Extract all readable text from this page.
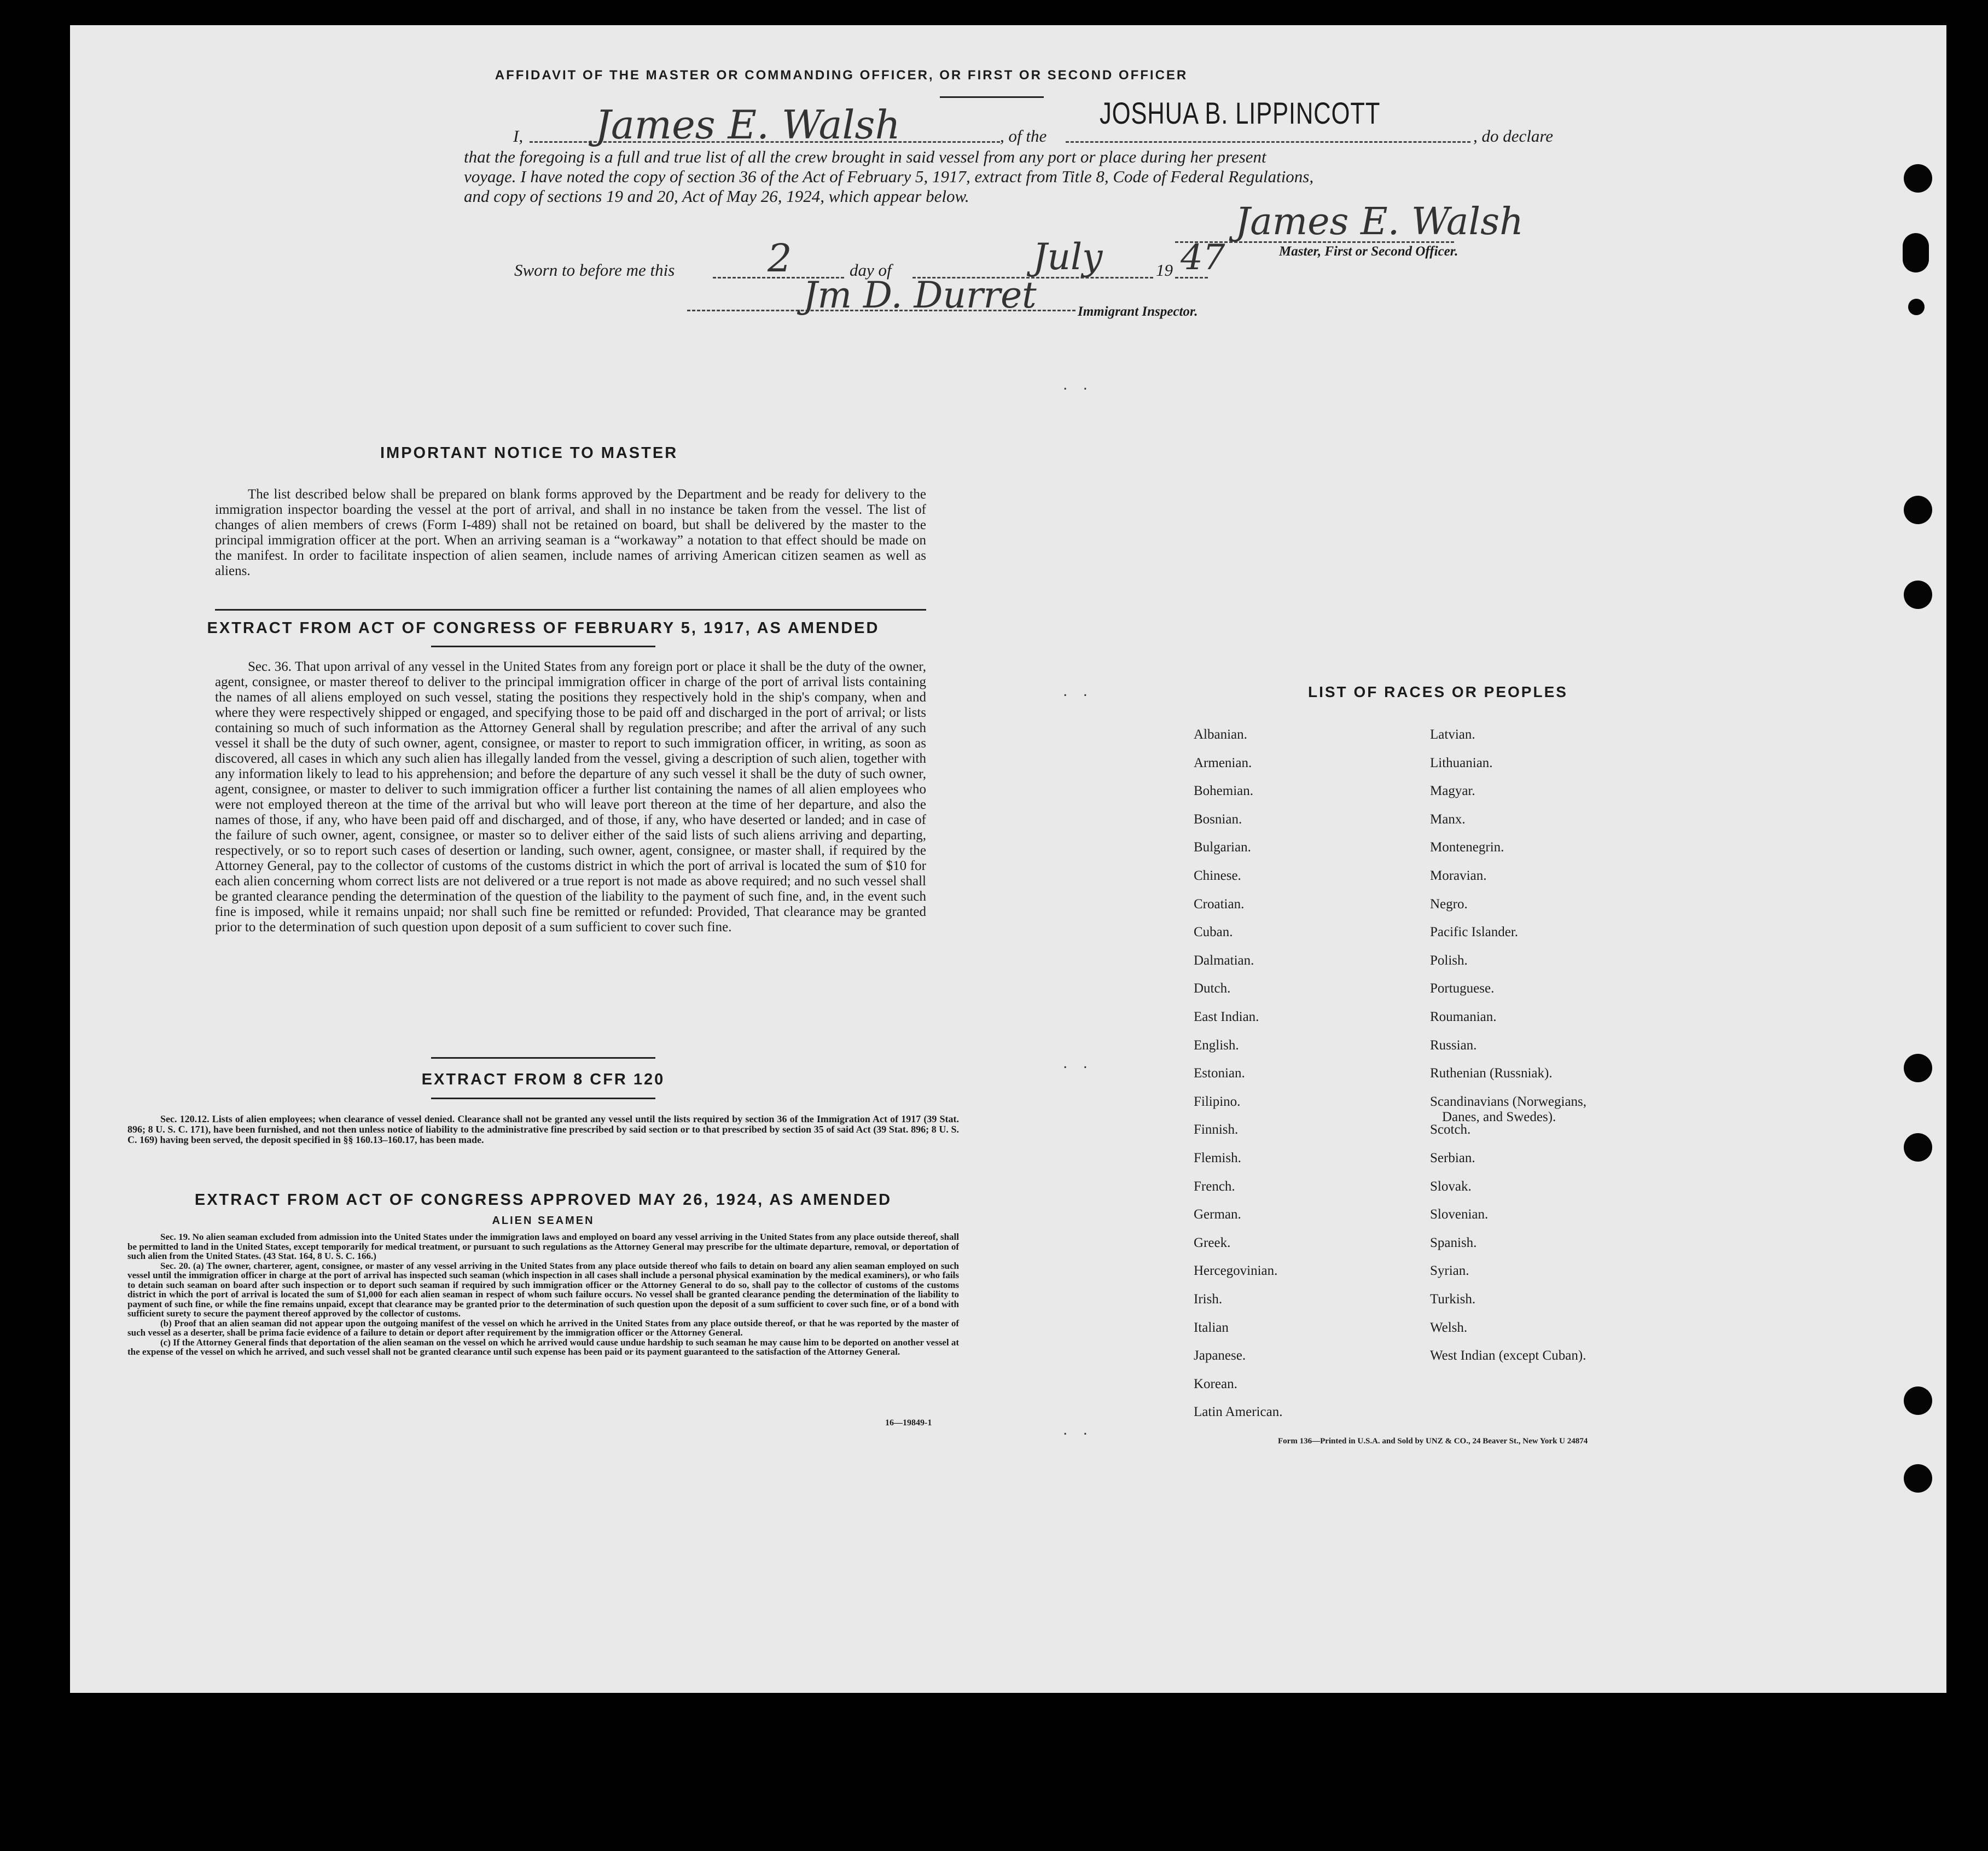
AFFIDAVIT OF THE MASTER OR COMMANDING OFFICER, OR FIRST OR SECOND OFFICER
I, James E. Walsh	, of the
JOSHUA B. LIPPINCOTT
, do declare
that the foregoing is a full and true list of all the crew brought in said vessel from any port or place during her present
voyage. I have noted the copy of section 36 of the Act of February 5, 1917, extract from Title 8, Code of Federal Regulations,
and copy of sections 19 and 20, Act of May 26, 1924, which appear below.
Sworn to before me this 2	day of	July	19 47
James E. Walsh
Master, First or Second Officer.
Jm D. Durret	Immigrant Inspector.
IMPORTANT NOTICE TO MASTER
The list described below shall be prepared on blank forms approved by the Department and be ready for delivery to the immigration inspector boarding the vessel at the port of arrival, and shall in no instance be taken from the vessel. The list of changes of alien members of crews (Form I-489) shall not be retained on board, but shall be delivered by the master to the principal immigration officer at the port. When an arriving seaman is a “workaway” a notation to that effect should be made on the manifest. In order to facilitate inspection of alien seamen, include names of arriving American citizen seamen as well as aliens.
EXTRACT FROM ACT OF CONGRESS OF FEBRUARY 5, 1917, AS AMENDED
Sec. 36. That upon arrival of any vessel in the United States from any foreign port or place it shall be the duty of the owner, agent, consignee, or master thereof to deliver to the principal immigration officer in charge of the port of arrival lists containing the names of all aliens employed on such vessel, stating the positions they respectively hold in the ship's company, when and where they were respectively shipped or engaged, and specifying those to be paid off and discharged in the port of arrival; or lists containing so much of such information as the Attorney General shall by regulation prescribe; and after the arrival of any such vessel it shall be the duty of such owner, agent, consignee, or master to report to such immigration officer, in writing, as soon as discovered, all cases in which any such alien has illegally landed from the vessel, giving a description of such alien, together with any information likely to lead to his apprehension; and before the departure of any such vessel it shall be the duty of such owner, agent, consignee, or master to deliver to such immigration officer a further list containing the names of all alien employees who were not employed thereon at the time of the arrival but who will leave port thereon at the time of her departure, and also the names of those, if any, who have been paid off and discharged, and of those, if any, who have deserted or landed; and in case of the failure of such owner, agent, consignee, or master so to deliver either of the said lists of such aliens arriving and departing, respectively, or so to report such cases of desertion or landing, such owner, agent, consignee, or master shall, if required by the Attorney General, pay to the collector of customs of the customs district in which the port of arrival is located the sum of $10 for each alien concerning whom correct lists are not delivered or a true report is not made as above required; and no such vessel shall be granted clearance pending the determination of the question of the liability to the payment of such fine, and, in the event such fine is imposed, while it remains unpaid; nor shall such fine be remitted or refunded: Provided, That clearance may be granted prior to the determination of such question upon deposit of a sum sufficient to cover such fine.
EXTRACT FROM 8 CFR 120
Sec. 120.12. Lists of alien employees; when clearance of vessel denied. Clearance shall not be granted any vessel until the lists required by section 36 of the Immigration Act of 1917 (39 Stat. 896; 8 U. S. C. 171), have been furnished, and not then unless notice of liability to the administrative fine prescribed by said section or to that prescribed by section 35 of said Act (39 Stat. 896; 8 U. S. C. 169) having been served, the deposit specified in §§ 160.13–160.17, has been made.
EXTRACT FROM ACT OF CONGRESS APPROVED MAY 26, 1924, AS AMENDED
ALIEN SEAMEN
Sec. 19. No alien seaman excluded from admission into the United States under the immigration laws and employed on board any vessel arriving in the United States from any place outside thereof, shall be permitted to land in the United States, except temporarily for medical treatment, or pursuant to such regulations as the Attorney General may prescribe for the ultimate departure, removal, or deportation of such alien from the United States. (43 Stat. 164, 8 U. S. C. 166.)
Sec. 20. (a) The owner, charterer, agent, consignee, or master of any vessel arriving in the United States from any place outside thereof who fails to detain on board any alien seaman employed on such vessel until the immigration officer in charge at the port of arrival has inspected such seaman (which inspection in all cases shall include a personal physical examination by the medical examiners), or who fails to detain such seaman on board after such inspection or to deport such seaman if required by such immigration officer or the Attorney General to do so, shall pay to the collector of customs of the customs district in which the port of arrival is located the sum of $1,000 for each alien seaman in respect of whom such failure occurs. No vessel shall be granted clearance pending the determination of the liability to payment of such fine, or while the fine remains unpaid, except that clearance may be granted prior to the determination of such question upon the deposit of a sum sufficient to cover such fine, or of a bond with sufficient surety to secure the payment thereof approved by the collector of customs.
(b) Proof that an alien seaman did not appear upon the outgoing manifest of the vessel on which he arrived in the United States from any place outside thereof, or that he was reported by the master of such vessel as a deserter, shall be prima facie evidence of a failure to detain or deport after requirement by the immigration officer or the Attorney General.
(c) If the Attorney General finds that deportation of the alien seaman on the vessel on which he arrived would cause undue hardship to such seaman he may cause him to be deported on another vessel at the expense of the vessel on which he arrived, and such vessel shall not be granted clearance until such expense has been paid or its payment guaranteed to the satisfaction of the Attorney General.
16—19849-1
LIST OF RACES OR PEOPLES
Albanian.
Armenian.
Bohemian.
Bosnian.
Bulgarian.
Chinese.
Croatian.
Cuban.
Dalmatian.
Dutch.
East Indian.
English.
Estonian.
Filipino.
Finnish.
Flemish.
French.
German.
Greek.
Hercegovinian.
Irish.
Italian
Japanese.
Korean.
Latin American.
Latvian.
Lithuanian.
Magyar.
Manx.
Montenegrin.
Moravian.
Negro.
Pacific Islander.
Polish.
Portuguese.
Roumanian.
Russian.
Ruthenian (Russniak).
Scandinavians (Norwegians,
Danes, and Swedes).
Scotch.
Serbian.
Slovak.
Slovenian.
Spanish.
Syrian.
Turkish.
Welsh.
West Indian (except Cuban).
Form 136—Printed in U.S.A. and Sold by UNZ & CO., 24 Beaver St., New York U 24874
. .
. .
. .
. .
